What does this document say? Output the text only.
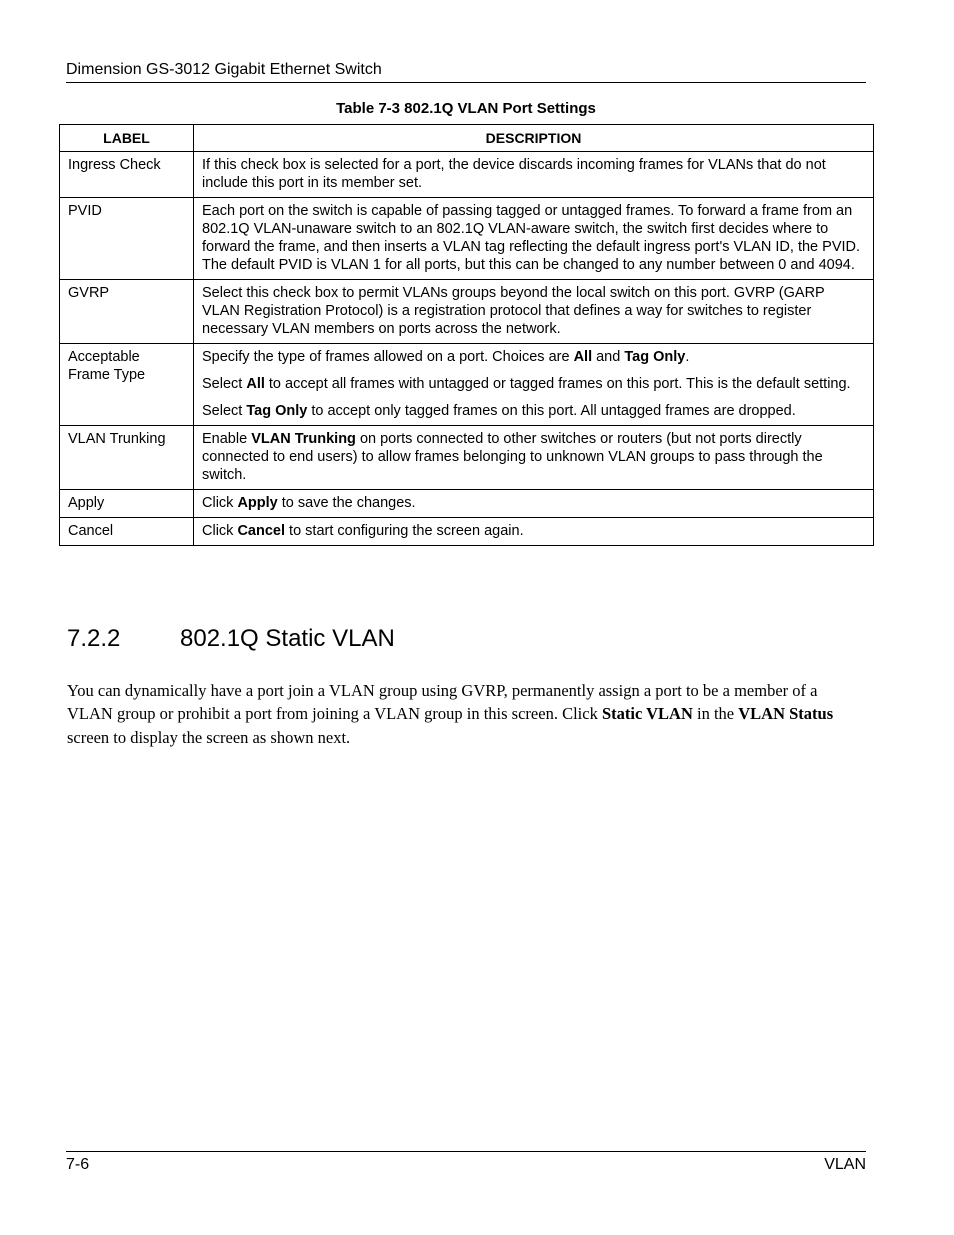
Dimension GS-3012 Gigabit Ethernet Switch
Table 7-3 802.1Q VLAN Port Settings
LABEL	DESCRIPTION
Ingress Check	If this check box is selected for a port, the device discards incoming frames for VLANs that do not include this port in its member set.

PVID	Each port on the switch is capable of passing tagged or untagged frames. To forward a frame from an 802.1Q VLAN-unaware switch to an 802.1Q VLAN-aware switch, the switch first decides where to forward the frame, and then inserts a VLAN tag reflecting the default ingress port's VLAN ID, the PVID. The default PVID is VLAN 1 for all ports, but this can be changed to any number between 0 and 4094.

GVRP	Select this check box to permit VLANs groups beyond the local switch on this port. GVRP (GARP VLAN Registration Protocol) is a registration protocol that defines a way for switches to register necessary VLAN members on ports across the network.

Acceptable Frame Type	Specify the type of frames allowed on a port. Choices are All and Tag Only.

Select All to accept all frames with untagged or tagged frames on this port. This is the default setting.

Select Tag Only to accept only tagged frames on this port. All untagged frames are dropped.

VLAN Trunking	Enable VLAN Trunking on ports connected to other switches or routers (but not ports directly connected to end users) to allow frames belonging to unknown VLAN groups to pass through the switch.

Apply	Click Apply to save the changes.

Cancel	Click Cancel to start configuring the screen again.

7.2.2 802.1Q Static VLAN

You can dynamically have a port join a VLAN group using GVRP, permanently assign a port to be a member of a VLAN group or prohibit a port from joining a VLAN group in this screen. Click Static VLAN in the VLAN Status screen to display the screen as shown next.

7-6	VLAN
